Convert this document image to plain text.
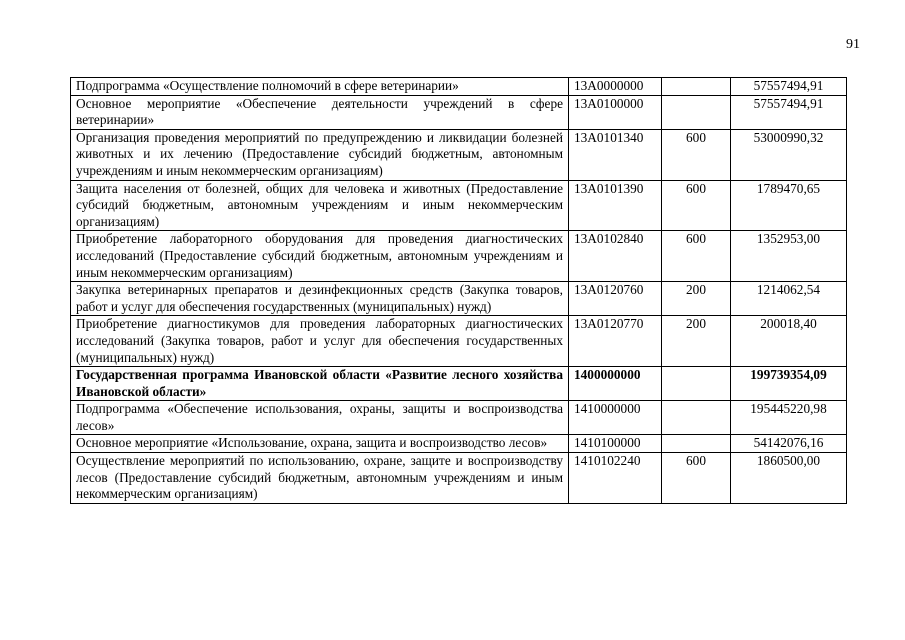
91
Подпрограмма «Осуществление полномочий в сфере ветеринарии»	13А0000000		57557494,91
Основное мероприятие «Обеспечение деятельности учреждений в сфере ветеринарии»	13А0100000		57557494,91
Организация проведения мероприятий по предупреждению и ликвидации болезней животных и их лечению (Предоставление субсидий бюджетным, автономным учреждениям и иным некоммерческим организациям)	13А0101340	600	53000990,32
Защита населения от болезней, общих для человека и животных (Предоставление субсидий бюджетным, автономным учреждениям и иным некоммерческим организациям)	13А0101390	600	1789470,65
Приобретение лабораторного оборудования для проведения диагностических исследований (Предоставление субсидий бюджетным, автономным учреждениям и иным некоммерческим организациям)	13А0102840	600	1352953,00
Закупка ветеринарных препаратов и дезинфекционных средств (Закупка товаров, работ и услуг для обеспечения государственных (муниципальных) нужд)	13А0120760	200	1214062,54
Приобретение диагностикумов для проведения лабораторных диагностических исследований (Закупка товаров, работ и услуг для обеспечения государственных (муниципальных) нужд)	13А0120770	200	200018,40
Государственная программа Ивановской области «Развитие лесного хозяйства Ивановской области»	1400000000		199739354,09
Подпрограмма «Обеспечение использования, охраны, защиты и воспроизводства лесов»	1410000000		195445220,98
Основное мероприятие «Использование, охрана, защита и воспроизводство лесов»	1410100000		54142076,16
Осуществление мероприятий по использованию, охране, защите и воспроизводству лесов (Предоставление субсидий бюджетным, автономным учреждениям и иным некоммерческим организациям)	1410102240	600	1860500,00
